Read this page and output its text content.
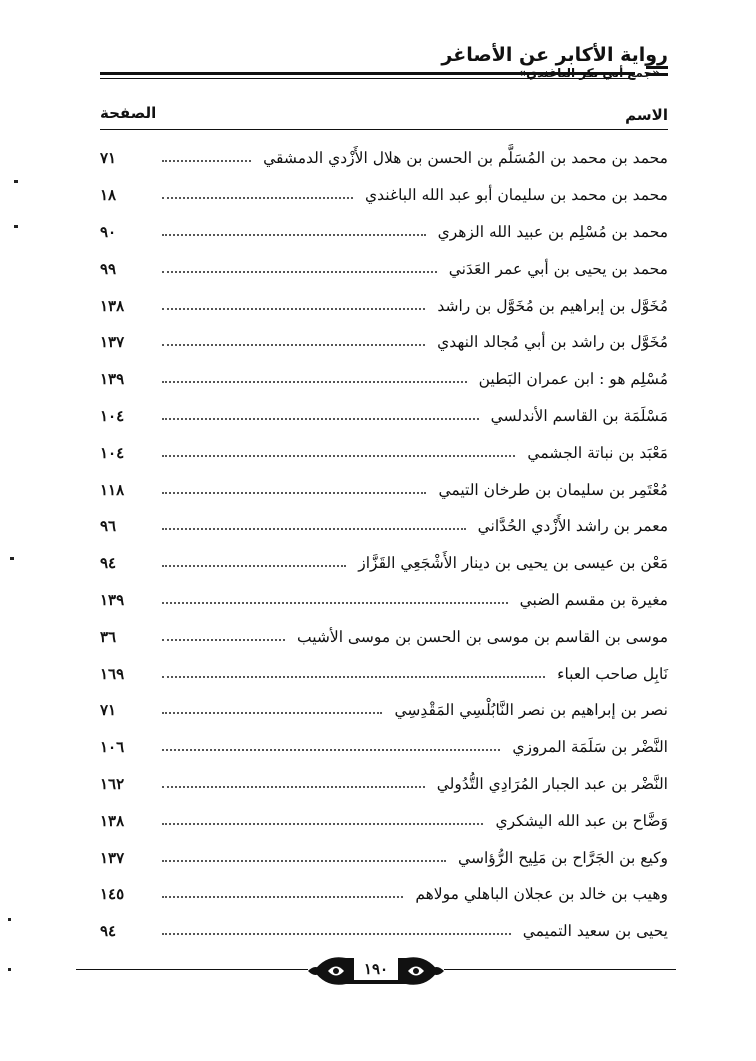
رواية الأكابر عن الأصاغر
«جمع أبي بكر الباغندي»
الاسم
الصفحة
محمد بن محمد بن المُسَلَّم بن الحسن بن هلال الأَزْدي الدمشقي
٧١
محمد بن محمد بن سليمان أبو عبد الله الباغندي
١٨
محمد بن مُسْلِم بن عبيد الله الزهري
٩٠
محمد بن يحيى بن أبي عمر العَدَني
٩٩
مُخَوَّل بن إبراهيم بن مُخَوَّل بن راشد
١٣٨
مُخَوَّل بن راشد بن أبي مُجالد النهدي
١٣٧
مُسْلِم هو : ابن عمران البَطين
١٣٩
مَسْلَمَة بن القاسم الأندلسي
١٠٤
مَعْبَد بن نباتة الجشمي
١٠٤
مُعْتَمِر بن سليمان بن طرخان التيمي
١١٨
معمر بن راشد الأَزْدي الحُدَّاني
٩٦
مَعْن بن عيسى بن يحيى بن دينار الأَشْجَعِي القَزَّاز
٩٤
مغيرة بن مقسم الضبي
١٣٩
موسى بن القاسم بن موسى بن الحسن بن موسى الأشيب
٣٦
نَابِل صاحب العباء
١٦٩
نصر بن إبراهيم بن نصر النَّابُلْسِي المَقْدِسِي
٧١
النَّضْر بن سَلَمَة المروزي
١٠٦
النَّضْر بن عبد الجبار المُرَادِي التُّدُولي
١٦٢
وَضَّاح بن عبد الله اليشكري
١٣٨
وكيع بن الجَرَّاح بن مَلِيح الرُّؤاسي
١٣٧
وهيب بن خالد بن عجلان الباهلي مولاهم
١٤٥
يحيى بن سعيد التميمي
٩٤
١٩٠
